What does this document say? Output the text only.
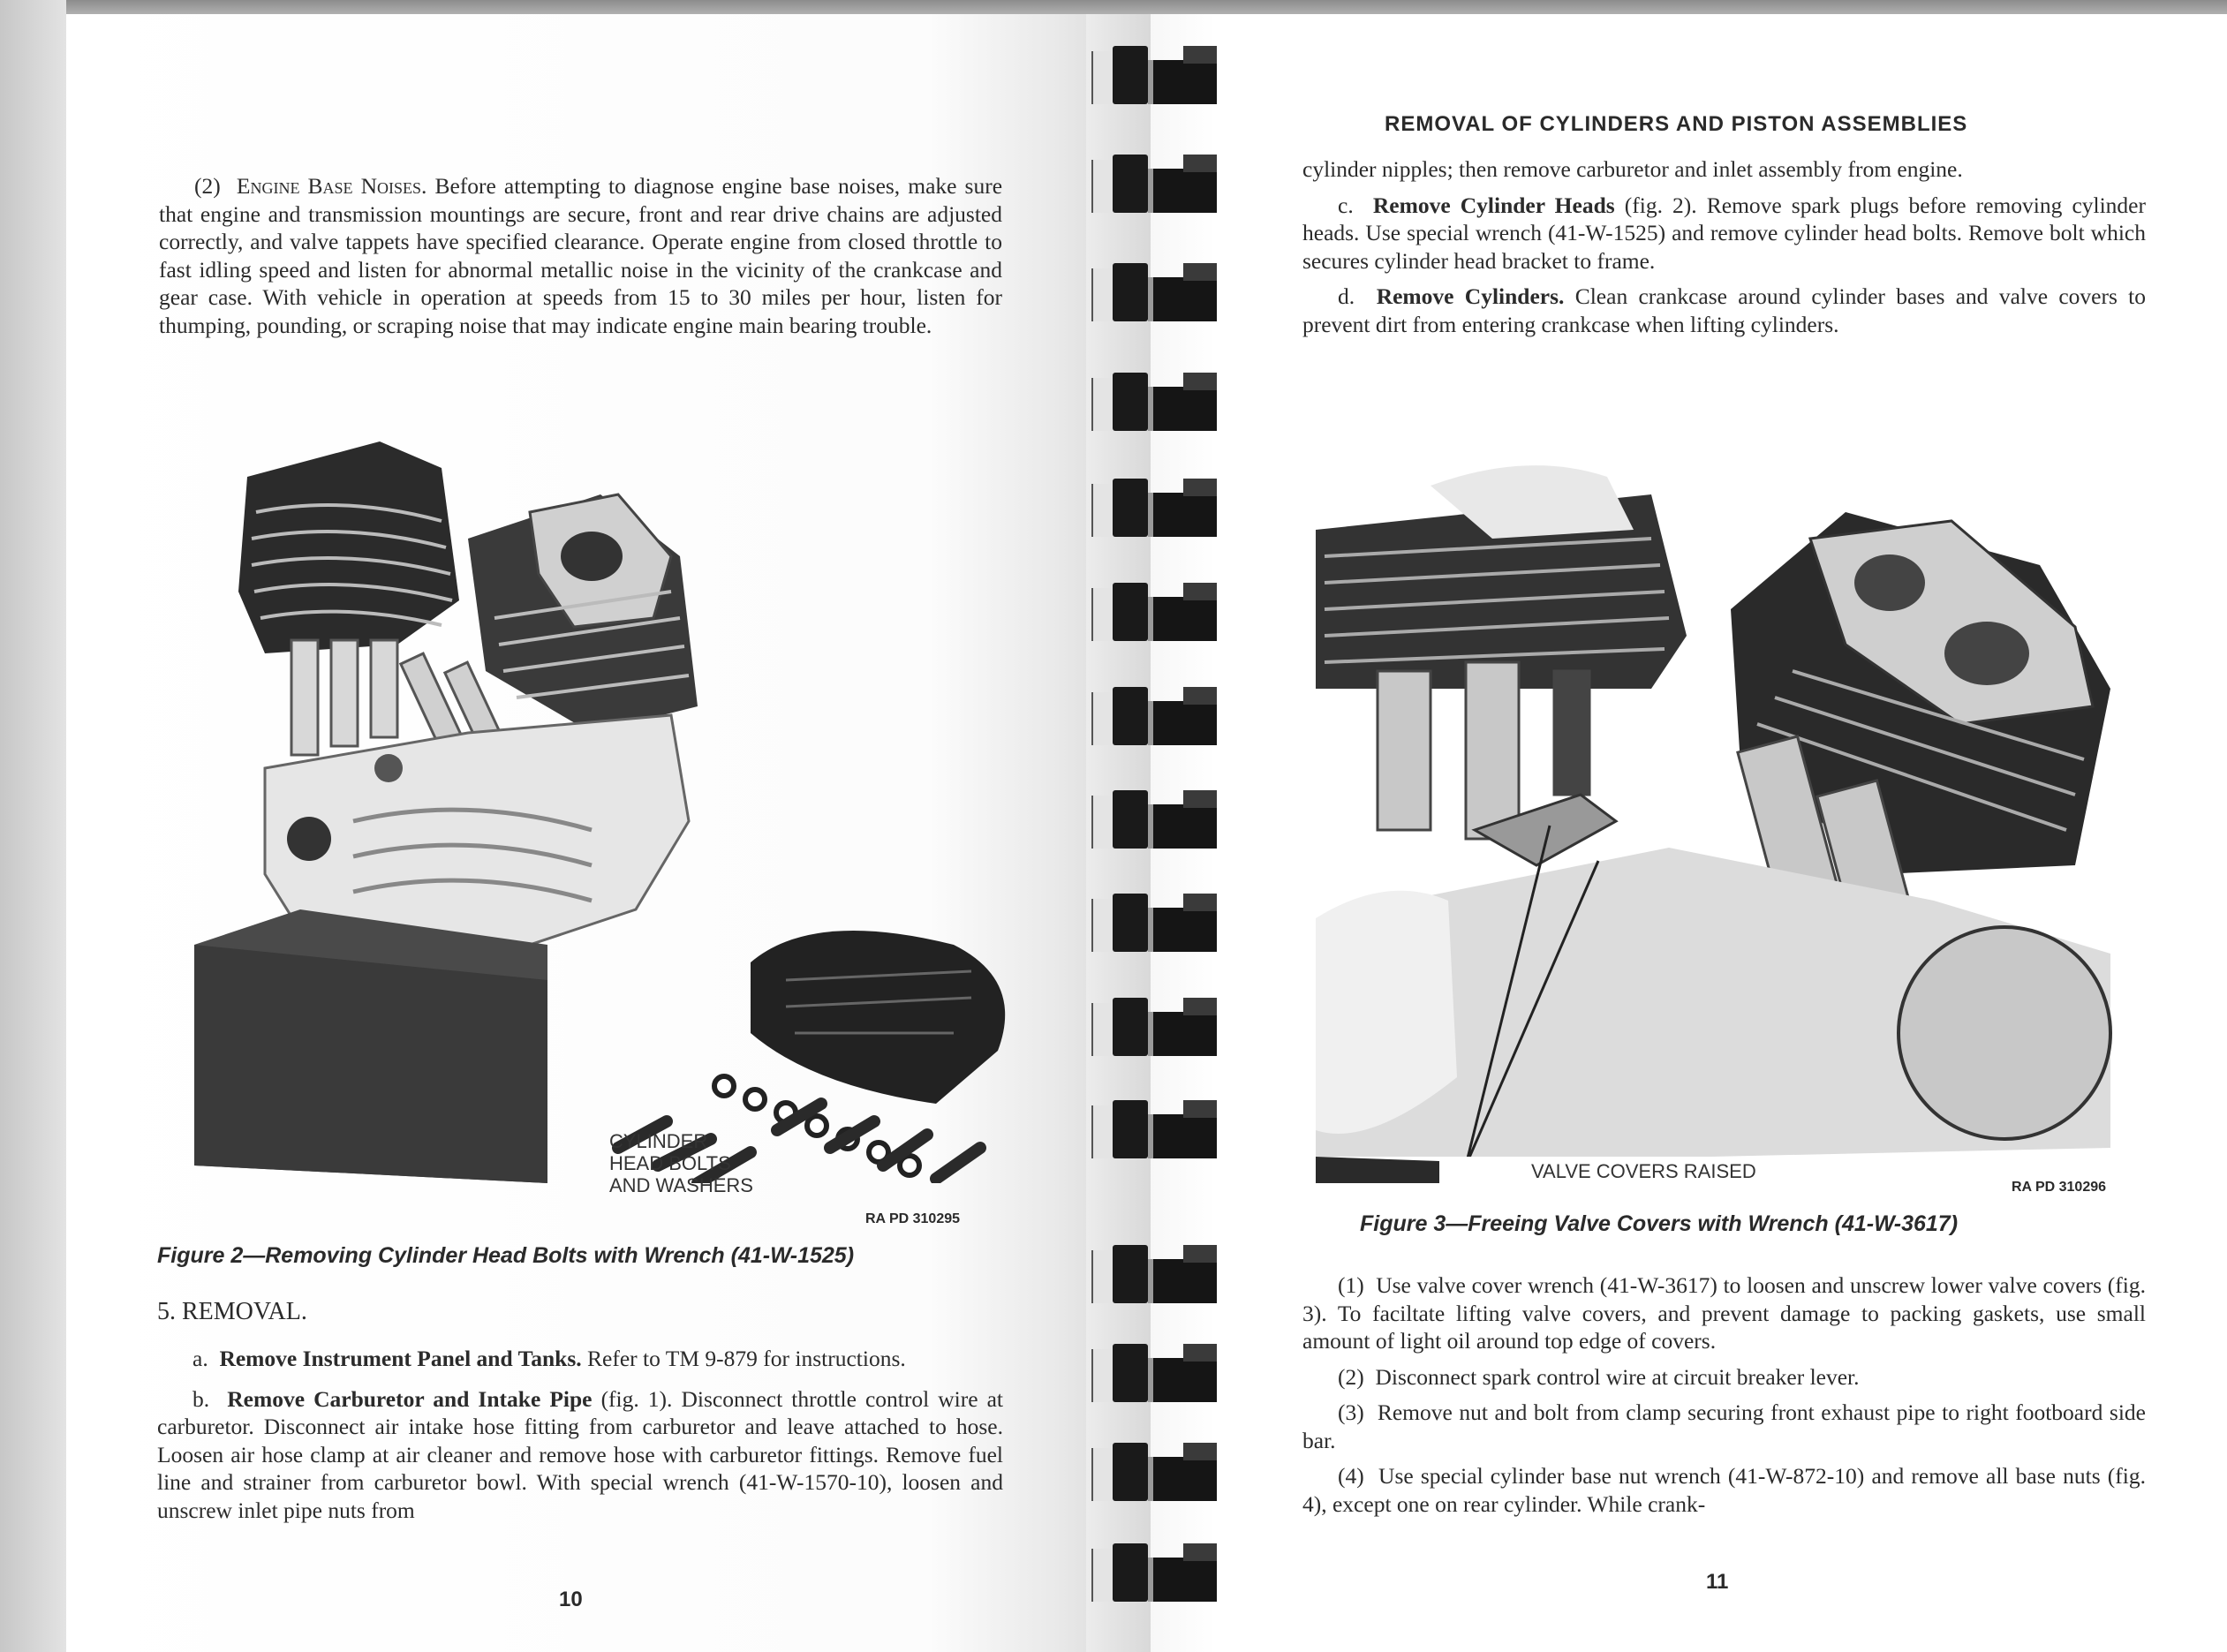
(2) Engine Base Noises. Before attempting to diagnose engine base noises, make sure that engine and transmission mountings are secure, front and rear drive chains are adjusted correctly, and valve tappets have specified clearance. Operate engine from closed throttle to fast idling speed and listen for abnormal metallic noise in the vicinity of the crankcase and gear case. With vehicle in operation at speeds from 15 to 30 miles per hour, listen for thumping, pounding, or scraping noise that may indicate engine main bearing trouble.

CYLINDER
HEAD BOLTS
AND WASHERS
RA PD 310295
Figure 2—Removing Cylinder Head Bolts with Wrench (41-W-1525)
5. REMOVAL.

a. Remove Instrument Panel and Tanks. Refer to TM 9-879 for instructions.

b. Remove Carburetor and Intake Pipe (fig. 1). Disconnect throttle control wire at carburetor. Disconnect air intake hose fitting from carburetor and leave attached to hose. Loosen air hose clamp at air cleaner and remove hose with carburetor fittings. Remove fuel line and strainer from carburetor bowl. With special wrench (41-W-1570-10), loosen and unscrew inlet pipe nuts from

10
REMOVAL OF CYLINDERS AND PISTON ASSEMBLIES

cylinder nipples; then remove carburetor and inlet assembly from engine.

c. Remove Cylinder Heads (fig. 2). Remove spark plugs before removing cylinder heads. Use special wrench (41-W-1525) and remove cylinder head bolts. Remove bolt which secures cylinder head bracket to frame.

d. Remove Cylinders. Clean crankcase around cylinder bases and valve covers to prevent dirt from entering crankcase when lifting cylinders.

VALVE COVERS RAISED
RA PD 310296
Figure 3—Freeing Valve Covers with Wrench (41-W-3617)

(1) Use valve cover wrench (41-W-3617) to loosen and unscrew lower valve covers (fig. 3). To faciltate lifting valve covers, and prevent damage to packing gaskets, use small amount of light oil around top edge of covers.

(2) Disconnect spark control wire at circuit breaker lever.

(3) Remove nut and bolt from clamp securing front exhaust pipe to right footboard side bar.

(4) Use special cylinder base nut wrench (41-W-872-10) and remove all base nuts (fig. 4), except one on rear cylinder. While crank-

11
